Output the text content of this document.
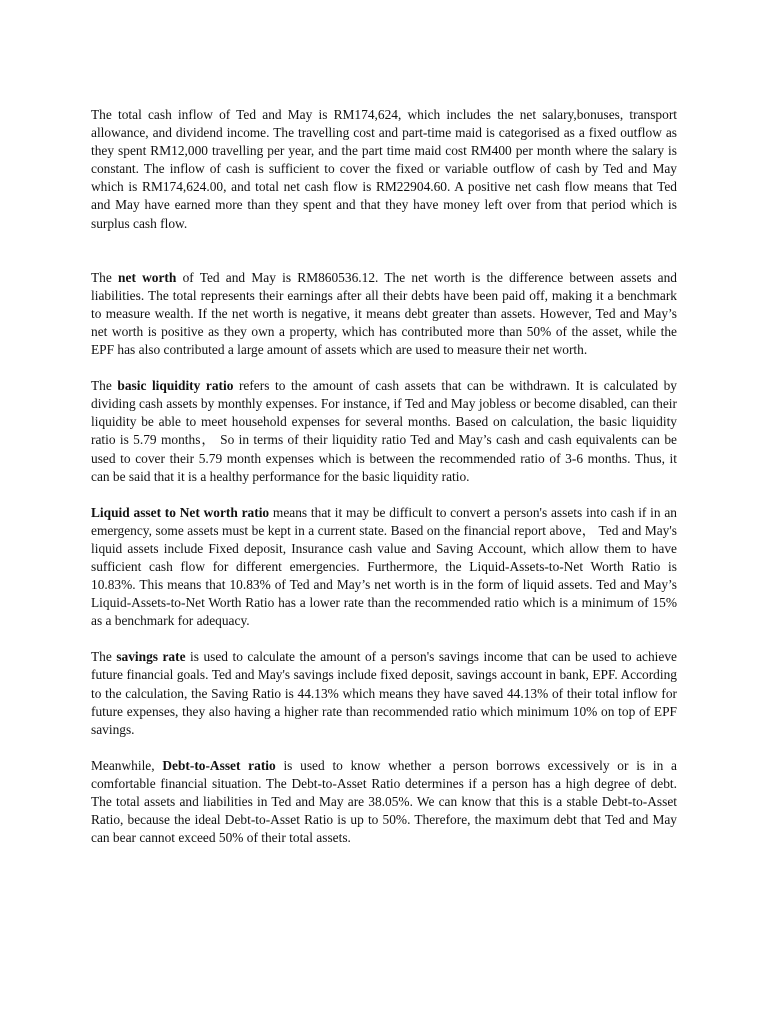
The total cash inflow of Ted and May is RM174,624, which includes the net salary,bonuses, transport allowance, and dividend income. The travelling cost and part-time maid is categorised as a fixed outflow as they spent RM12,000 travelling per year, and the part time maid cost RM400 per month where the salary is constant. The inflow of cash is sufficient to cover the fixed or variable outflow of cash by Ted and May which is RM174,624.00, and total net cash flow is RM22904.60. A positive net cash flow means that Ted and May have earned more than they spent and that they have money left over from that period which is surplus cash flow.

The net worth of Ted and May is RM860536.12. The net worth is the difference between assets and liabilities. The total represents their earnings after all their debts have been paid off, making it a benchmark to measure wealth. If the net worth is negative, it means debt greater than assets. However, Ted and May’s net worth is positive as they own a property, which has contributed more than 50% of the asset, while the EPF has also contributed a large amount of assets which are used to measure their net worth.

The basic liquidity ratio refers to the amount of cash assets that can be withdrawn. It is calculated by dividing cash assets by monthly expenses. For instance, if Ted and May jobless or become disabled, can their liquidity be able to meet household expenses for several months. Based on calculation, the basic liquidity ratio is 5.79 months， So in terms of their liquidity ratio Ted and May’s cash and cash equivalents can be used to cover their 5.79 month expenses which is between the recommended ratio of 3-6 months. Thus, it can be said that it is a healthy performance for the basic liquidity ratio.

Liquid asset to Net worth ratio means that it may be difficult to convert a person's assets into cash if in an emergency, some assets must be kept in a current state. Based on the financial report above， Ted and May's liquid assets include Fixed deposit, Insurance cash value and Saving Account, which allow them to have sufficient cash flow for different emergencies. Furthermore, the Liquid-Assets-to-Net Worth Ratio is 10.83%. This means that 10.83% of Ted and May’s net worth is in the form of liquid assets. Ted and May’s Liquid-Assets-to-Net Worth Ratio has a lower rate than the recommended ratio which is a minimum of 15% as a benchmark for adequacy.

The savings rate is used to calculate the amount of a person's savings income that can be used to achieve future financial goals. Ted and May's savings include fixed deposit, savings account in bank, EPF. According to the calculation, the Saving Ratio is 44.13% which means they have saved 44.13% of their total inflow for future expenses, they also having a higher rate than recommended ratio which minimum 10% on top of EPF savings.

Meanwhile, Debt-to-Asset ratio is used to know whether a person borrows excessively or is in a comfortable financial situation. The Debt-to-Asset Ratio determines if a person has a high degree of debt. The total assets and liabilities in Ted and May are 38.05%. We can know that this is a stable Debt-to-Asset Ratio, because the ideal Debt-to-Asset Ratio is up to 50%. Therefore, the maximum debt that Ted and May can bear cannot exceed 50% of their total assets.
